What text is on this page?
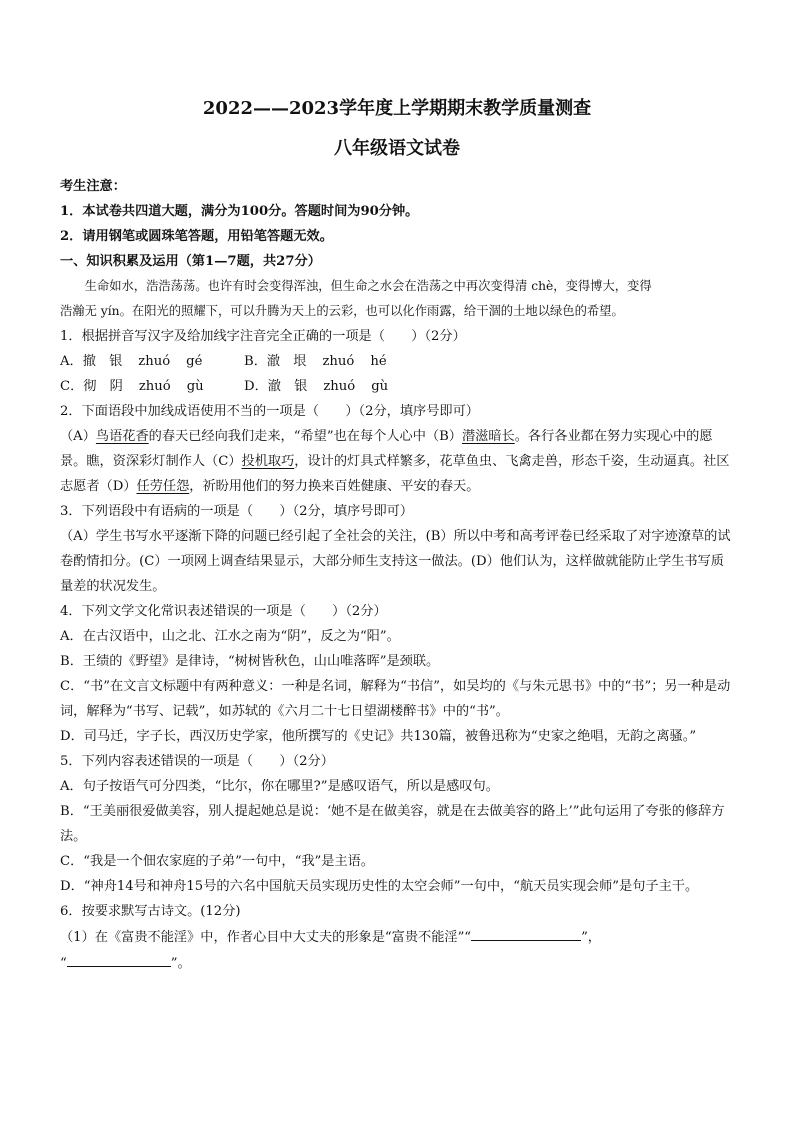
2022——2023学年度上学期期末教学质量测查
八年级语文试卷

考生注意：

1．本试卷共四道大题，满分为100分。答题时间为90分钟。

2．请用钢笔或圆珠笔答题，用铅笔答题无效。

一、知识积累及运用（第1—7题，共27分）

生命如水，浩浩荡荡。也许有时会变得浑浊，但生命之水会在浩荡之中再次变得清 chè，变得博大，变得

浩瀚无 yín。在阳光的照耀下，可以升腾为天上的云彩，也可以化作雨露，给干涸的土地以绿色的希望。

1．根据拼音写汉字及给加线字注音完全正确的一项是（　　）（2分）

A．撤　银 zhuó gé	B．澈　垠 zhuó hé
C．彻　阴 zhuó gù	D．澈　银 zhuó gù

2．下面语段中加线成语使用不当的一项是（　　）（2分，填序号即可）

（A）鸟语花香的春天已经向我们走来，“希望”也在每个人心中（B）潜滋暗长。各行各业都在努力实现心中的愿景。瞧，资深彩灯制作人（C）投机取巧，设计的灯具式样繁多，花草鱼虫、飞禽走兽，形态千姿，生动逼真。社区志愿者（D）任劳任怨，祈盼用他们的努力换来百姓健康、平安的春天。

3．下列语段中有语病的一项是（　　）（2分，填序号即可）

（A）学生书写水平逐渐下降的问题已经引起了全社会的关注，(B）所以中考和高考评卷已经采取了对字迹潦草的试卷酌情扣分。(C）一项网上调查结果显示，大部分师生支持这一做法。(D）他们认为，这样做就能防止学生书写质量差的状况发生。

4．下列文学文化常识表述错误的一项是（　　）（2分）

A．在古汉语中，山之北、江水之南为“阴”，反之为“阳”。

B．王绩的《野望》是律诗，“树树皆秋色，山山唯落晖”是颈联。

C．“书”在文言文标题中有两种意义：一种是名词，解释为“书信”，如吴均的《与朱元思书》中的“书”；另一种是动词，解释为“书写、记载”，如苏轼的《六月二十七日望湖楼醉书》中的“书”。

D．司马迁，字子长，西汉历史学家，他所撰写的《史记》共130篇，被鲁迅称为“史家之绝唱，无韵之离骚。”

5．下列内容表述错误的一项是（　　）（2分）

A．句子按语气可分四类，“比尔，你在哪里?”是感叹语气，所以是感叹句。

B．“王美丽很爱做美容，别人提起她总是说：‘她不是在做美容，就是在去做美容的路上’”此句运用了夸张的修辞方法。

C．“我是一个佃农家庭的子弟”一句中，“我”是主语。

D．“神舟14号和神舟15号的六名中国航天员实现历史性的太空会师”一句中，“航天员实现会师”是句子主干。

6．按要求默写古诗文。(12分)

（1）在《富贵不能淫》中，作者心目中大丈夫的形象是“富贵不能淫”“	”，
“	”。
